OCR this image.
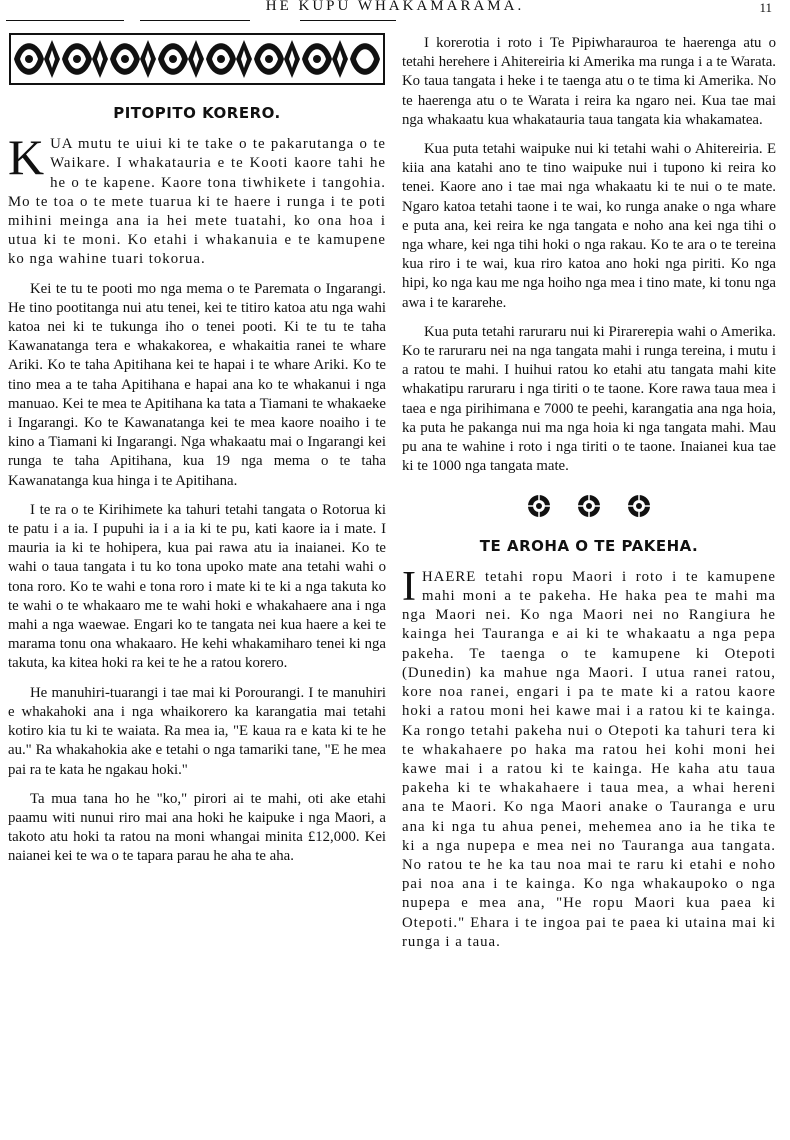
HE KUPU WHAKAMARAMA.	11
PITOPITO KORERO.

KUA mutu te uiui ki te take o te pakarutanga o te Waikare. I whakatauria e te Kooti kaore tahi he he o te kapene. Kaore tona tiwhikete i tangohia. Mo te toa o te mete tuarua ki te haere i runga i te poti mihini meinga ana ia hei mete tuatahi, ko ona hoa i utua ki te moni. Ko etahi i whakanuia e te kamupene ko nga wahine tuari tokorua.

Kei te tu te pooti mo nga mema o te Paremata o Ingarangi. He tino pootitanga nui atu tenei, kei te titiro katoa atu nga wahi katoa nei ki te tukunga iho o tenei pooti. Ki te tu te taha Kawanatanga tera e whakakorea, e whakaitia ranei te whare Ariki. Ko te taha Apitihana kei te hapai i te whare Ariki. Ko te tino mea a te taha Apitihana e hapai ana ko te whakanui i nga manuao. Kei te mea te Apitihana ka tata a Tiamani te whakaeke i Ingarangi. Ko te Kawanatanga kei te mea kaore noaiho i te kino a Tiamani ki Ingarangi. Nga whakaatu mai o Ingarangi kei runga te taha Apitihana, kua 19 nga mema o te taha Kawanatanga kua hinga i te Apitihana.

I te ra o te Kirihimete ka tahuri tetahi tangata o Rotorua ki te patu i a ia. I pupuhi ia i a ia ki te pu, kati kaore ia i mate. I mauria ia ki te hohipera, kua pai rawa atu ia inaianei. Ko te wahi o taua tangata i tu ko tona upoko mate ana tetahi wahi o tona roro. Ko te wahi e tona roro i mate ki te ki a nga takuta ko te wahi o te whakaaro me te wahi hoki e whakahaere ana i nga mahi a nga waewae. Engari ko te tangata nei kua haere a kei te marama tonu ona whakaaro. He kehi whakamiharo tenei ki nga takuta, ka kitea hoki ra kei te he a ratou korero.

He manuhiri-tuarangi i tae mai ki Porourangi. I te manuhiri e whakahoki ana i nga whaikorero ka karangatia mai tetahi kotiro kia tu ki te waiata. Ra mea ia, "E kaua ra e kata ki te he au." Ra whakahokia ake e tetahi o nga tamariki tane, "E he mea pai ra te kata he ngakau hoki."

Ta mua tana ho he "ko," pirori ai te mahi, oti ake etahi paamu witi nunui riro mai ana hoki he kaipuke i nga Maori, a takoto atu hoki ta ratou na moni whangai minita £12,000. Kei naianei kei te wa o te tapara parau he aha te aha.

I korerotia i roto i Te Pipiwharauroa te haerenga atu o tetahi herehere i Ahitereiria ki Amerika ma runga i a te Warata. Ko taua tangata i heke i te taenga atu o te tima ki Amerika. No te haerenga atu o te Warata i reira ka ngaro nei. Kua tae mai nga whakaatu kua whakatauria taua tangata kia whakamatea.

Kua puta tetahi waipuke nui ki tetahi wahi o Ahitereiria. E kiia ana katahi ano te tino waipuke nui i tupono ki reira ko tenei. Kaore ano i tae mai nga whakaatu ki te nui o te mate. Ngaro katoa tetahi taone i te wai, ko runga anake o nga whare e puta ana, kei reira ke nga tangata e noho ana kei nga tihi o nga whare, kei nga tihi hoki o nga rakau. Ko te ara o te tereina kua riro i te wai, kua riro katoa ano hoki nga piriti. Ko nga hipi, ko nga kau me nga hoiho nga mea i tino mate, ki tonu nga awa i te kararehe.

Kua puta tetahi raruraru nui ki Pirarerepia wahi o Amerika. Ko te raruraru nei na nga tangata mahi i runga tereina, i mutu i a ratou te mahi. I huihui ratou ko etahi atu tangata mahi kite whakatipu raruraru i nga tiriti o te taone. Kore rawa taua mea i taea e nga pirihimana e 7000 te peehi, karangatia ana nga hoia, ka puta he pakanga nui ma nga hoia ki nga tangata mahi. Mau pu ana te wahine i roto i nga tiriti o te taone. Inaianei kua tae ki te 1000 nga tangata mate.

TE AROHA O TE PAKEHA.

IHAERE tetahi ropu Maori i roto i te kamupene mahi moni a te pakeha. He haka pea te mahi ma nga Maori nei. Ko nga Maori nei no Rangiura he kainga hei Tauranga e ai ki te whakaatu a nga pepa pakeha. Te taenga o te kamupene ki Otepoti (Dunedin) ka mahue nga Maori. I utua ranei ratou, kore noa ranei, engari i pa te mate ki a ratou kaore hoki a ratou moni hei kawe mai i a ratou ki te kainga. Ka rongo tetahi pakeha nui o Otepoti ka tahuri tera ki te whakahaere po haka ma ratou hei kohi moni hei kawe mai i a ratou ki te kainga. He kaha atu taua pakeha ki te whakahaere i taua mea, a whai hereni ana te Maori. Ko nga Maori anake o Tauranga e uru ana ki nga tu ahua penei, mehemea ano ia he tika te ki a nga nupepa e mea nei no Tauranga aua tangata. No ratou te he ka tau noa mai te raru ki etahi e noho pai noa ana i te kainga. Ko nga whakaupoko o nga nupepa e mea ana, "He ropu Maori kua paea ki Otepoti." Ehara i te ingoa pai te paea ki utaina mai ki runga i a taua.
